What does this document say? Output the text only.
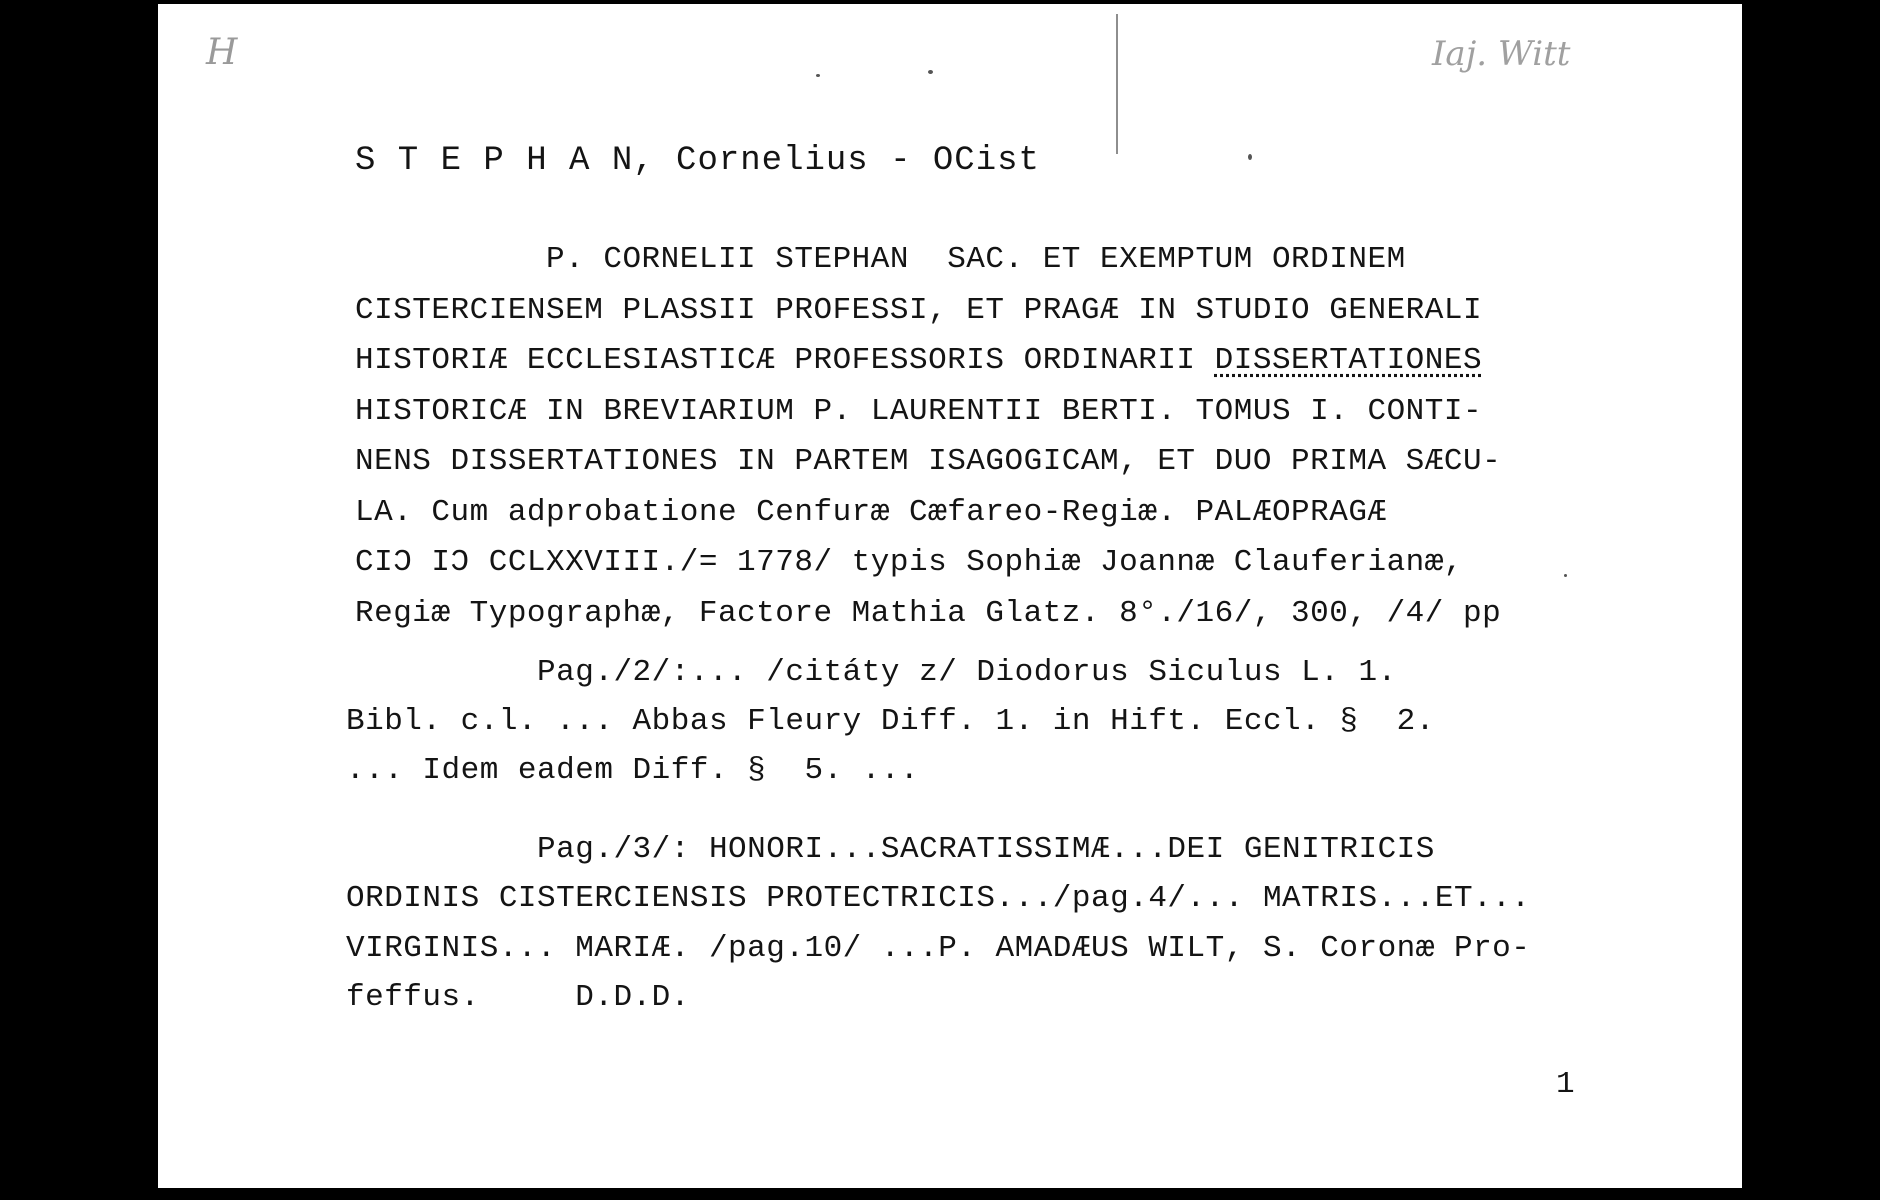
H	Iaj. Witt
S T E P H A N, Cornelius - OCist
P. CORNELII STEPHAN  SAC. ET EXEMPTUM ORDINEM
CISTERCIENSEM PLASSII PROFESSI, ET PRAGÆ IN STUDIO GENERALI
HISTORIÆ ECCLESIASTICÆ PROFESSORIS ORDINARII DISSERTATIONES
HISTORICÆ IN BREVIARIUM P. LAURENTII BERTI. TOMUS I. CONTI-
NENS DISSERTATIONES IN PARTEM ISAGOGICAM, ET DUO PRIMA SÆCU-
LA. Cum adprobatione Cenfuræ Cæfareo-Regiæ. PALÆOPRAGÆ
CIƆ IƆ CCLXXVIII./= 1778/ typis Sophiæ Joannæ Clauferianæ,
Regiæ Typographæ, Factore Mathia Glatz. 8°./16/, 300, /4/ pp
Pag./2/:... /citáty z/ Diodorus Siculus L. 1.
Bibl. c.l. ... Abbas Fleury Diff. 1. in Hift. Eccl. §  2.
... Idem eadem Diff. §  5. ...
Pag./3/: HONORI...SACRATISSIMÆ...DEI GENITRICIS
ORDINIS CISTERCIENSIS PROTECTRICIS.../pag.4/... MATRIS...ET...
VIRGINIS... MARIÆ. /pag.10/ ...P. AMADÆUS WILT, S. Coronæ Pro-
feffus.     D.D.D.
1
